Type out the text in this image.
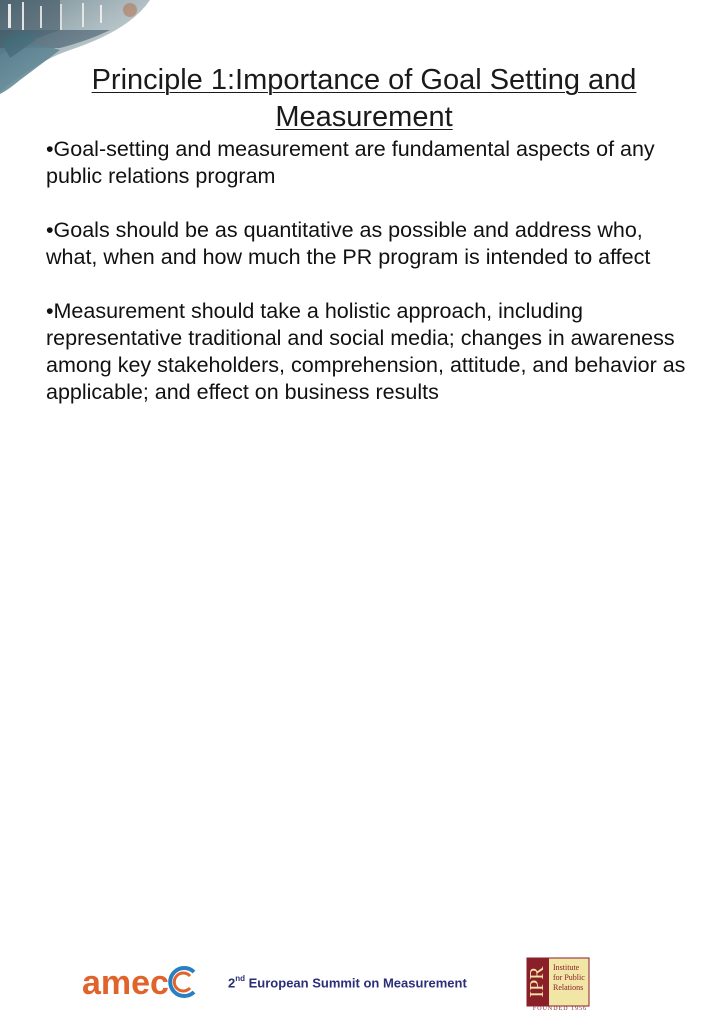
Principle 1:Importance of Goal Setting and Measurement

•Goal-setting and measurement are fundamental aspects of any public relations program

•Goals should be as quantitative as possible and address who, what, when and how much the PR program is intended to affect

•Measurement should take a holistic approach, including representative traditional and social media; changes in awareness among key stakeholders, comprehension, attitude, and behavior as applicable; and effect on business results

amec	2nd European Summit on Measurement	IPR Institute
for Public
Relations
FOUNDED 1956
